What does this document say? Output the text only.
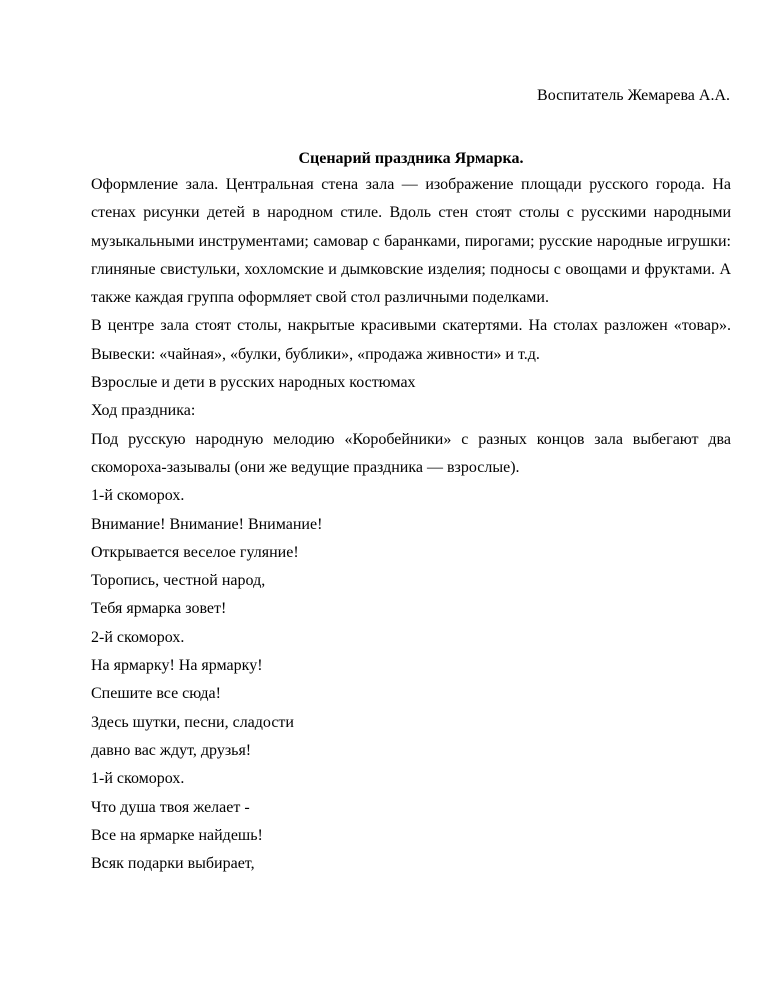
Воспитатель Жемарева А.А.
Сценарий праздника Ярмарка.

Оформление зала. Центральная стена зала — изображение площади русского города. На стенах рисунки детей в народном стиле. Вдоль стен стоят столы с русскими народными музыкальными инструментами; самовар с баранками, пирогами; русские народные игрушки: глиняные свистульки, хохломские и дымковские изделия; подносы с овощами и фруктами. А также каждая группа оформляет свой стол различными поделками.

В центре зала стоят столы, накрытые красивыми скатертями. На столах разложен «товар». Вывески: «чайная», «булки, бублики», «продажа живности» и т.д.

Взрослые и дети в русских народных костюмах

Ход праздника:

Под русскую народную мелодию «Коробейники» с разных концов зала выбегают два скомороха-зазывалы (они же ведущие праздника — взрослые).

1-й скоморох.

Внимание! Внимание! Внимание!

Открывается веселое гуляние!

Торопись, честной народ,

Тебя ярмарка зовет!

2-й скоморох.

На ярмарку! На ярмарку!

Спешите все сюда!

Здесь шутки, песни, сладости

давно вас ждут, друзья!

1-й скоморох.

Что душа твоя желает -

Все на ярмарке найдешь!

Всяк подарки выбирает,
